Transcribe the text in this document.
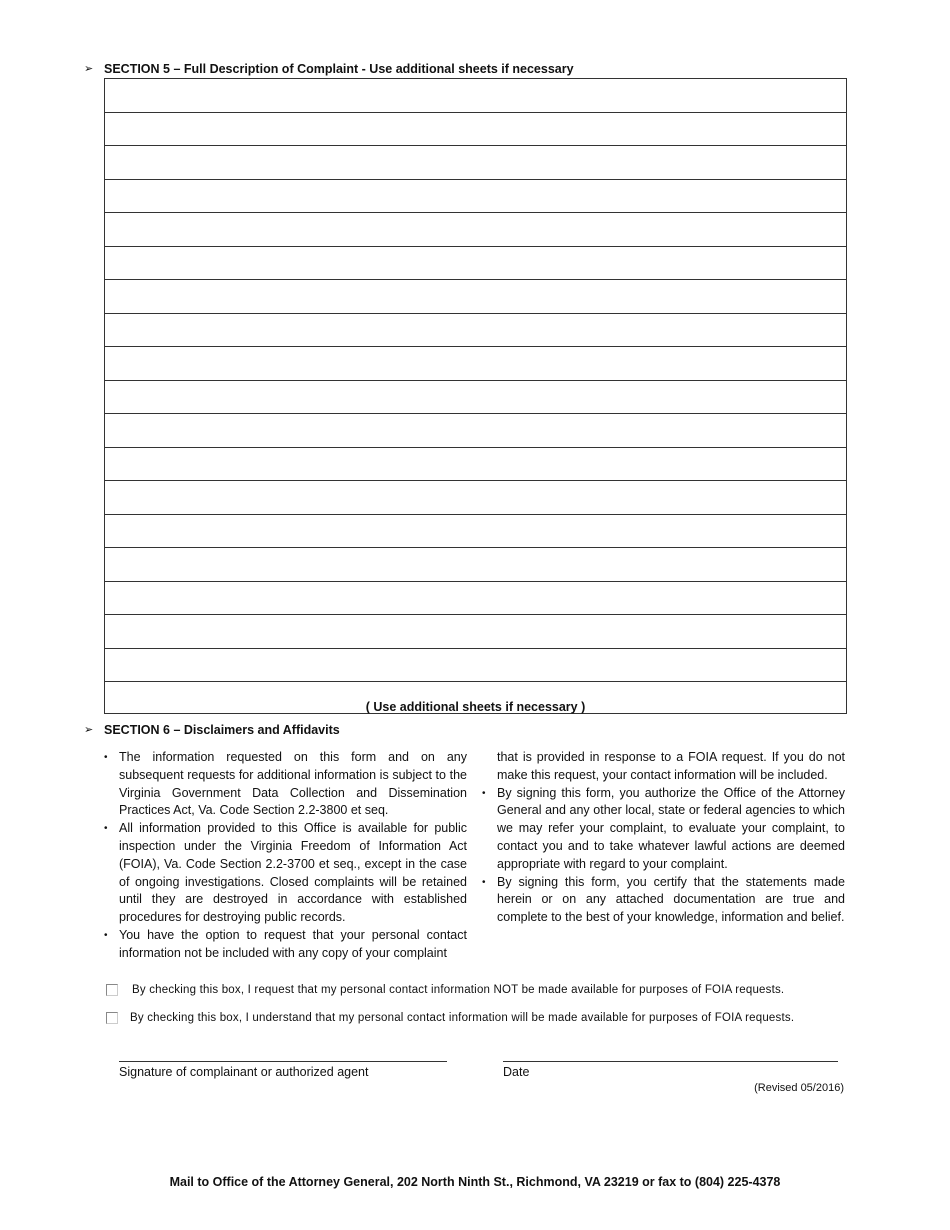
➢ SECTION 5 – Full Description of Complaint - Use additional sheets if necessary
( Use additional sheets if necessary )
➢ SECTION 6 – Disclaimers and Affidavits
• The information requested on this form and on any subsequent requests for additional information is subject to the Virginia Government Data Collection and Dissemination Practices Act, Va. Code Section 2.2-3800 et seq.
• All information provided to this Office is available for public inspection under the Virginia Freedom of Information Act (FOIA), Va. Code Section 2.2-3700 et seq., except in the case of ongoing investigations. Closed complaints will be retained until they are destroyed in accordance with established procedures for destroying public records.
• You have the option to request that your personal contact information not be included with any copy of your complaint
that is provided in response to a FOIA request. If you do not make this request, your contact information will be included.
• By signing this form, you authorize the Office of the Attorney General and any other local, state or federal agencies to which we may refer your complaint, to evaluate your complaint, to contact you and to take whatever lawful actions are deemed appropriate with regard to your complaint.
• By signing this form, you certify that the statements made herein or on any attached documentation are true and complete to the best of your knowledge, information and belief.
By checking this box, I request that my personal contact information NOT be made available for purposes of FOIA requests.
By checking this box, I understand that my personal contact information will be made available for purposes of FOIA requests.
Signature of complainant or authorized agent	Date
(Revised 05/2016)
Mail to Office of the Attorney General, 202 North Ninth St., Richmond, VA 23219 or fax to (804) 225-4378
